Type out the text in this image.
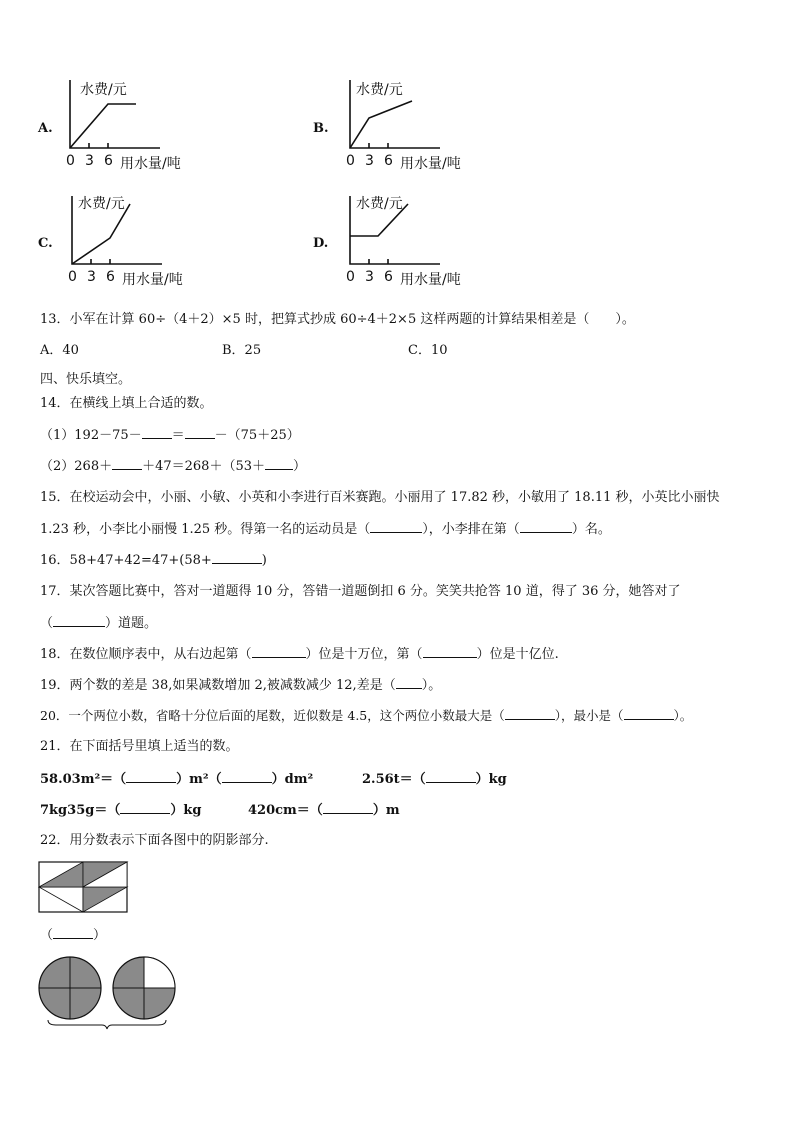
A.
水费/元
0 3 6 用水量/吨
B.
水费/元
0 3 6 用水量/吨
C.
水费/元
0 3 6 用水量/吨
D.
水费/元
0 3 6 用水量/吨
13．小军在计算 60÷（4＋2）×5 时，把算式抄成 60÷4＋2×5 这样两题的计算结果相差是（　　）。
A．40	B．25	C．10
四、快乐填空。
14．在横线上填上合适的数。
（1）192－75－ ＝ －（75＋25）
（2）268＋ ＋47＝268＋（53＋ ）
15．在校运动会中，小丽、小敏、小英和小李进行百米赛跑。小丽用了 17.82 秒，小敏用了 18.11 秒，小英比小丽快
1.23 秒，小李比小丽慢 1.25 秒。得第一名的运动员是（	），小李排在第（	）名。
16．58+47+42=47+(58+	)
17．某次答题比赛中，答对一道题得 10 分，答错一道题倒扣 6 分。笑笑共抢答 10 道，得了 36 分，她答对了
（	）道题。
18．在数位顺序表中，从右边起第（	）位是十万位，第（	）位是十亿位.
19．两个数的差是 38,如果减数增加 2,被减数减少 12,差是（ ）。
20．一个两位小数，省略十分位后面的尾数，近似数是 4.5，这个两位小数最大是（	），最小是（	）。
21．在下面括号里填上适当的数。
58.03m²＝（	）m²（	）dm²	2.56t＝（	）kg
7kg35g＝（	）kg	420cm＝（	）m
22．用分数表示下面各图中的阴影部分.
（	）
